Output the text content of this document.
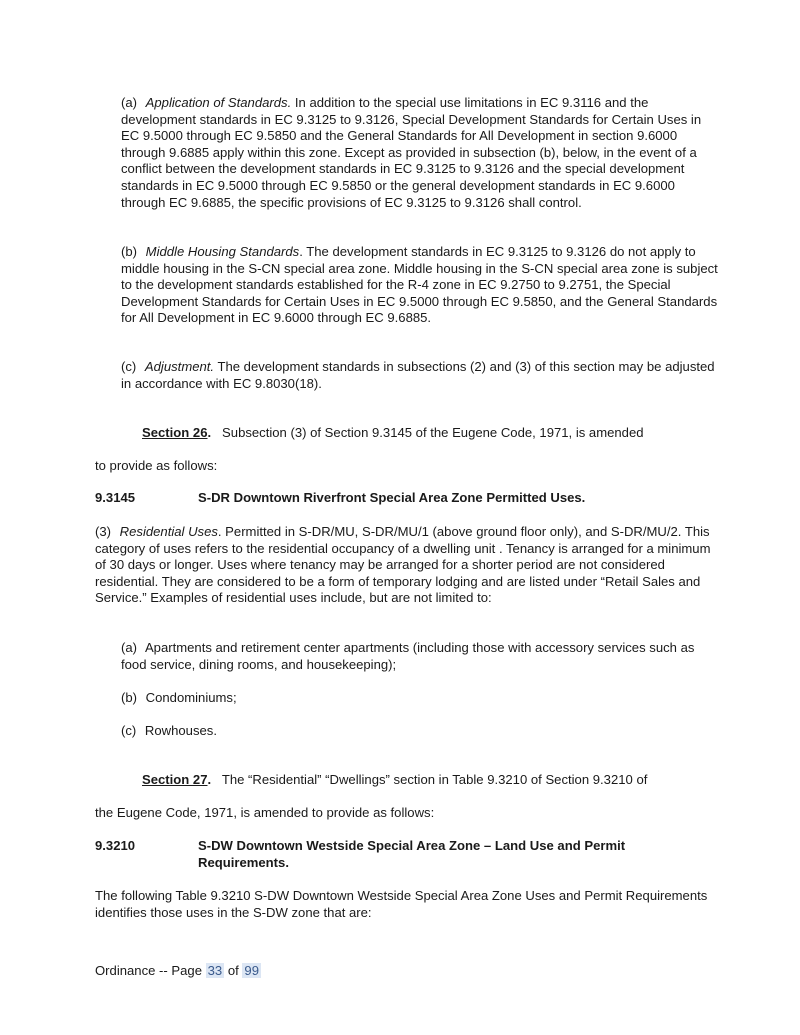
(a) Application of Standards. In addition to the special use limitations in EC 9.3116 and the development standards in EC 9.3125 to 9.3126, Special Development Standards for Certain Uses in EC 9.5000 through EC 9.5850 and the General Standards for All Development in section 9.6000 through 9.6885 apply within this zone. Except as provided in subsection (b), below, in the event of a conflict between the development standards in EC 9.3125 to 9.3126 and the special development standards in EC 9.5000 through EC 9.5850 or the general development standards in EC 9.6000 through EC 9.6885, the specific provisions of EC 9.3125 to 9.3126 shall control.

(b) Middle Housing Standards. The development standards in EC 9.3125 to 9.3126 do not apply to middle housing in the S-CN special area zone. Middle housing in the S-CN special area zone is subject to the development standards established for the R-4 zone in EC 9.2750 to 9.2751, the Special Development Standards for Certain Uses in EC 9.5000 through EC 9.5850, and the General Standards for All Development in EC 9.6000 through EC 9.6885.

(c) Adjustment. The development standards in subsections (2) and (3) of this section may be adjusted in accordance with EC 9.8030(18).

Section 26.   Subsection (3) of Section 9.3145 of the Eugene Code, 1971, is amended
to provide as follows:
9.3145	S-DR Downtown Riverfront Special Area Zone Permitted Uses.

(3) Residential Uses. Permitted in S-DR/MU, S-DR/MU/1 (above ground floor only), and S-DR/MU/2. This category of uses refers to the residential occupancy of a dwelling unit . Tenancy is arranged for a minimum of 30 days or longer. Uses where tenancy may be arranged for a shorter period are not considered residential. They are considered to be a form of temporary lodging and are listed under “Retail Sales and Service.” Examples of residential uses include, but are not limited to:

(a) Apartments and retirement center apartments (including those with accessory services such as food service, dining rooms, and housekeeping);

(b) Condominiums;

(c) Rowhouses.

Section 27.   The “Residential” “Dwellings” section in Table 9.3210 of Section 9.3210 of
the Eugene Code, 1971, is amended to provide as follows:
9.3210	S-DW Downtown Westside Special Area Zone – Land Use and Permit Requirements.

The following Table 9.3210 S-DW Downtown Westside Special Area Zone Uses and Permit Requirements identifies those uses in the S-DW zone that are:

Ordinance -- Page 33 of 99
